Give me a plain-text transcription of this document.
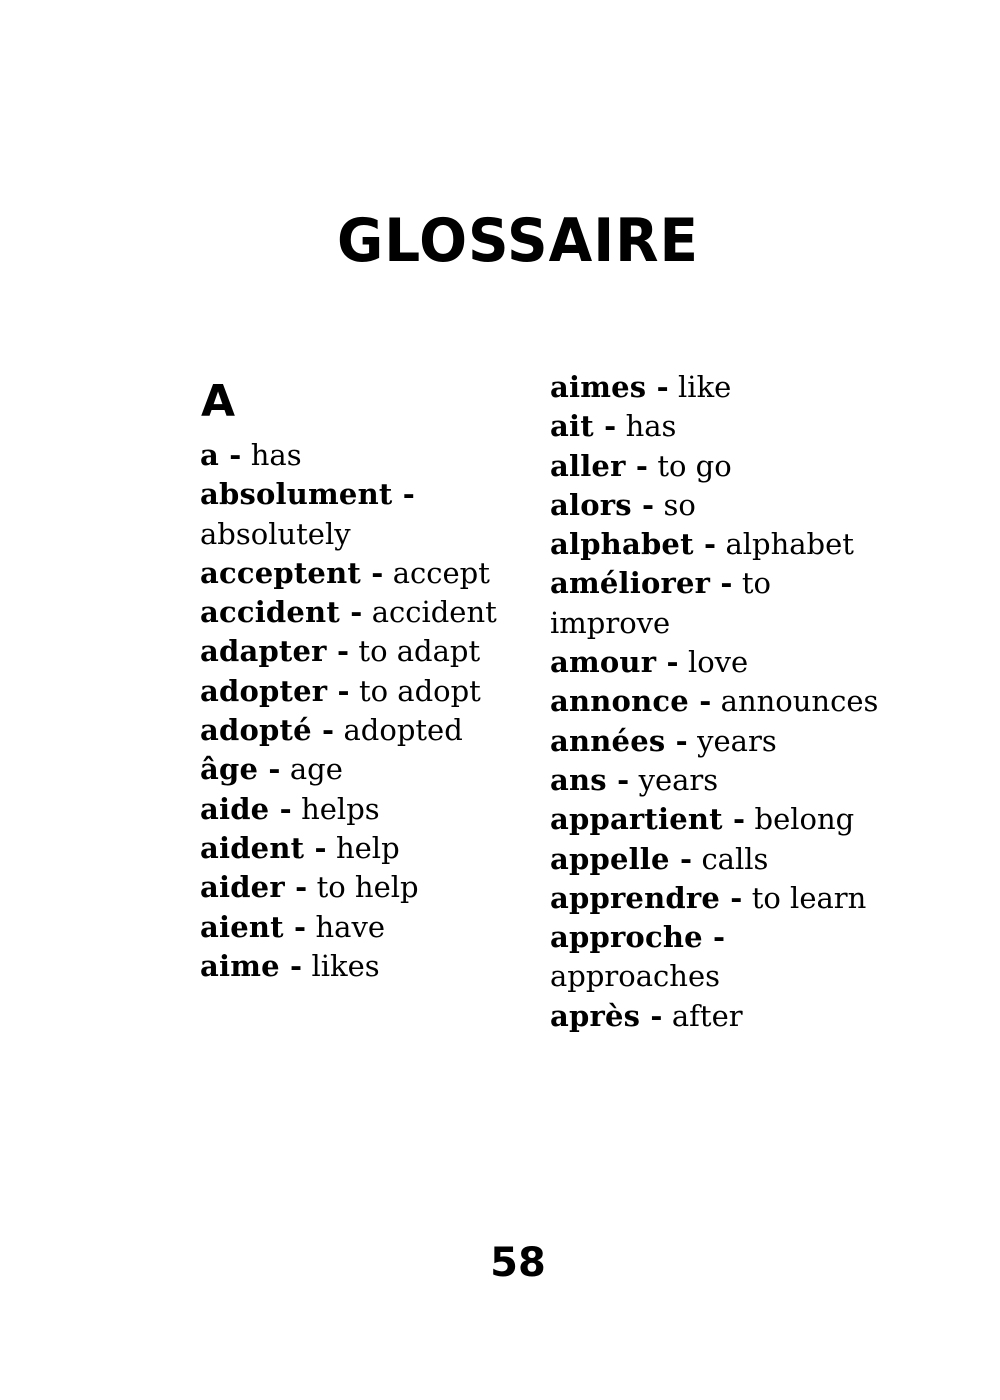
GLOSSAIRE
A
a - has
absolument - absolutely
acceptent - accept
accident - accident
adapter - to adapt
adopter - to adopt
adopté - adopted
âge - age
aide - helps
aident - help
aider - to help
aient - have
aime - likes
aimes - like
ait - has
aller - to go
alors - so
alphabet - alphabet
améliorer - to improve
amour - love
annonce - announces
années - years
ans - years
appartient - belong
appelle - calls
apprendre - to learn
approche - approaches
après - after
58
